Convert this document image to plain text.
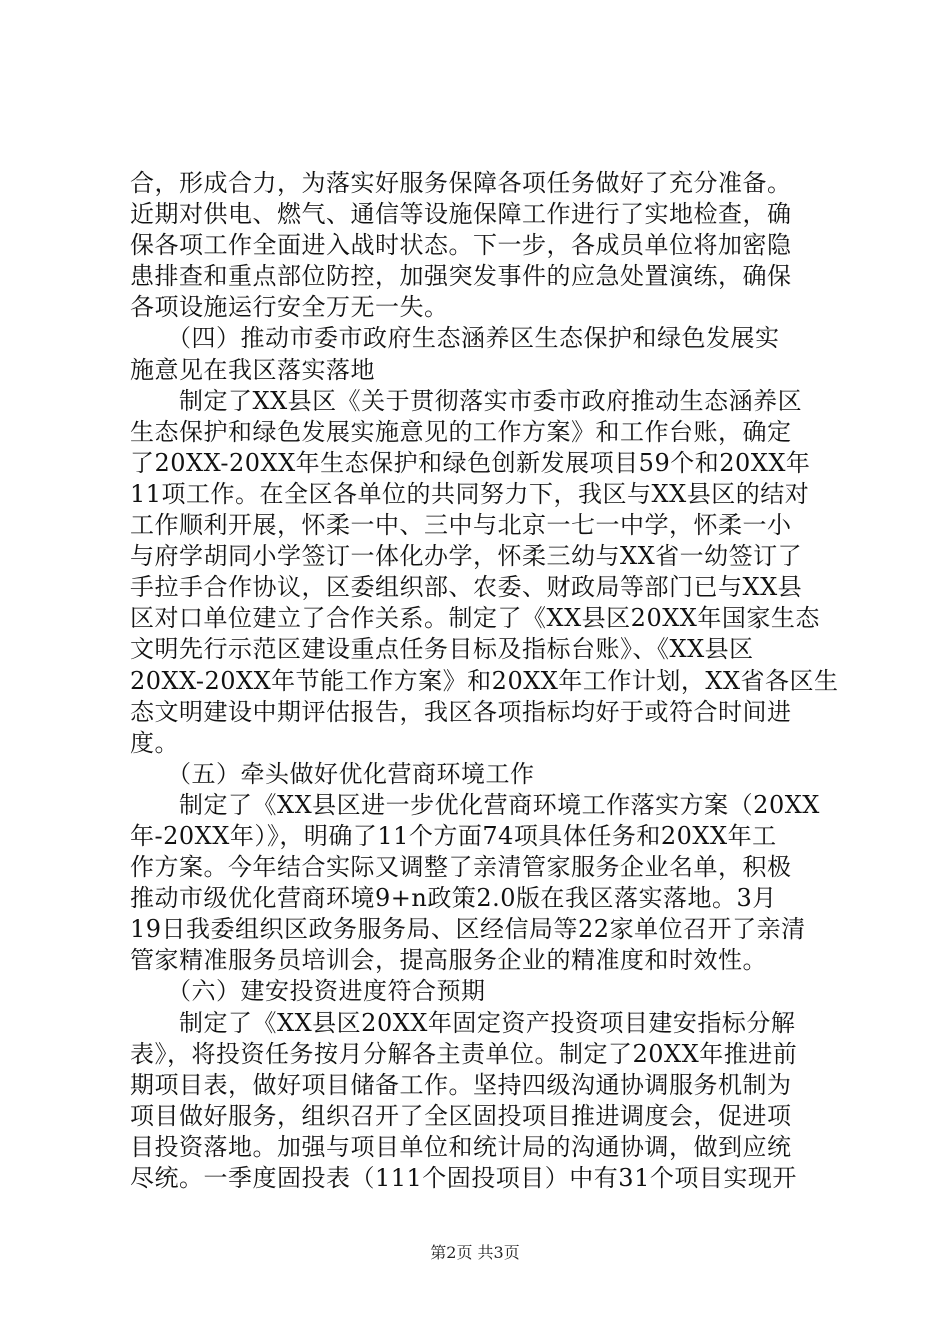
合，形成合力，为落实好服务保障各项任务做好了充分准备。
近期对供电、燃气、通信等设施保障工作进行了实地检查，确
保各项工作全面进入战时状态。下一步，各成员单位将加密隐
患排查和重点部位防控，加强突发事件的应急处置演练，确保
各项设施运行安全万无一失。
　　（四）推动市委市政府生态涵养区生态保护和绿色发展实
施意见在我区落实落地
　　制定了XX县区《关于贯彻落实市委市政府推动生态涵养区
生态保护和绿色发展实施意见的工作方案》和工作台账，确定
了20XX-20XX年生态保护和绿色创新发展项目59个和20XX年
11项工作。在全区各单位的共同努力下，我区与XX县区的结对
工作顺利开展，怀柔一中、三中与北京一七一中学，怀柔一小
与府学胡同小学签订一体化办学，怀柔三幼与XX省一幼签订了
手拉手合作协议，区委组织部、农委、财政局等部门已与XX县
区对口单位建立了合作关系。制定了《XX县区20XX年国家生态
文明先行示范区建设重点任务目标及指标台账》、《XX县区
20XX-20XX年节能工作方案》和20XX年工作计划，XX省各区生
态文明建设中期评估报告，我区各项指标均好于或符合时间进
度。
　　（五）牵头做好优化营商环境工作
　　制定了《XX县区进一步优化营商环境工作落实方案（20XX
年-20XX年）》，明确了11个方面74项具体任务和20XX年工
作方案。今年结合实际又调整了亲清管家服务企业名单，积极
推动市级优化营商环境9+n政策2.0版在我区落实落地。3月
19日我委组织区政务服务局、区经信局等22家单位召开了亲清
管家精准服务员培训会，提高服务企业的精准度和时效性。
　　（六）建安投资进度符合预期
　　制定了《XX县区20XX年固定资产投资项目建安指标分解
表》，将投资任务按月分解各主责单位。制定了20XX年推进前
期项目表，做好项目储备工作。坚持四级沟通协调服务机制为
项目做好服务，组织召开了全区固投项目推进调度会，促进项
目投资落地。加强与项目单位和统计局的沟通协调，做到应统
尽统。一季度固投表（111个固投项目）中有31个项目实现开
第2页 共3页
